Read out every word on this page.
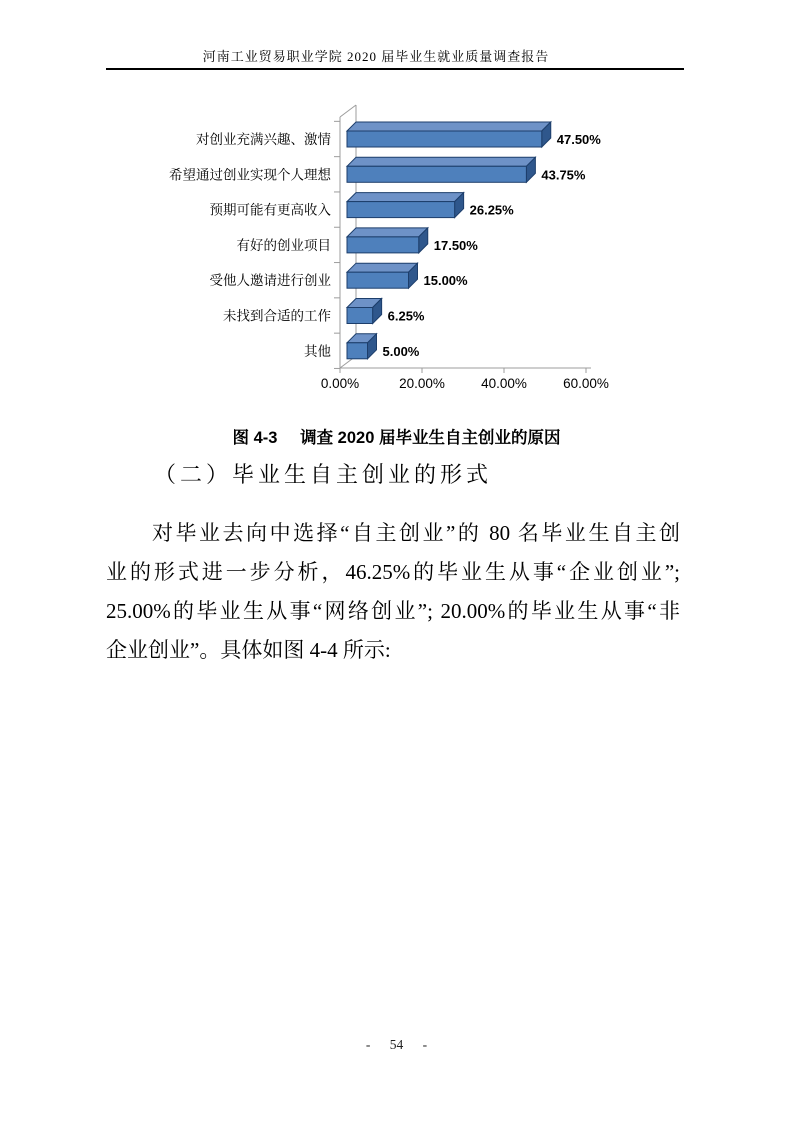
河南工业贸易职业学院 2020 届毕业生就业质量调查报告
0.00%	20.00%	40.00%	60.00%
对创业充满兴趣、激情	47.50%
希望通过创业实现个人理想	43.75%
预期可能有更高收入	26.25%
有好的创业项目	17.50%
受他人邀请进行创业	15.00%
未找到合适的工作	6.25%
其他	5.00%
图 4-3 调查 2020 届毕业生自主创业的原因
（二）毕业生自主创业的形式
对毕业去向中选择“自主创业”的 80 名毕业生自主创
业的形式进一步分析，46.25%的毕业生从事“企业创业”;
25.00%的毕业生从事“网络创业”; 20.00%的毕业生从事“非
企业创业”。具体如图 4-4 所示:
- 54 -
